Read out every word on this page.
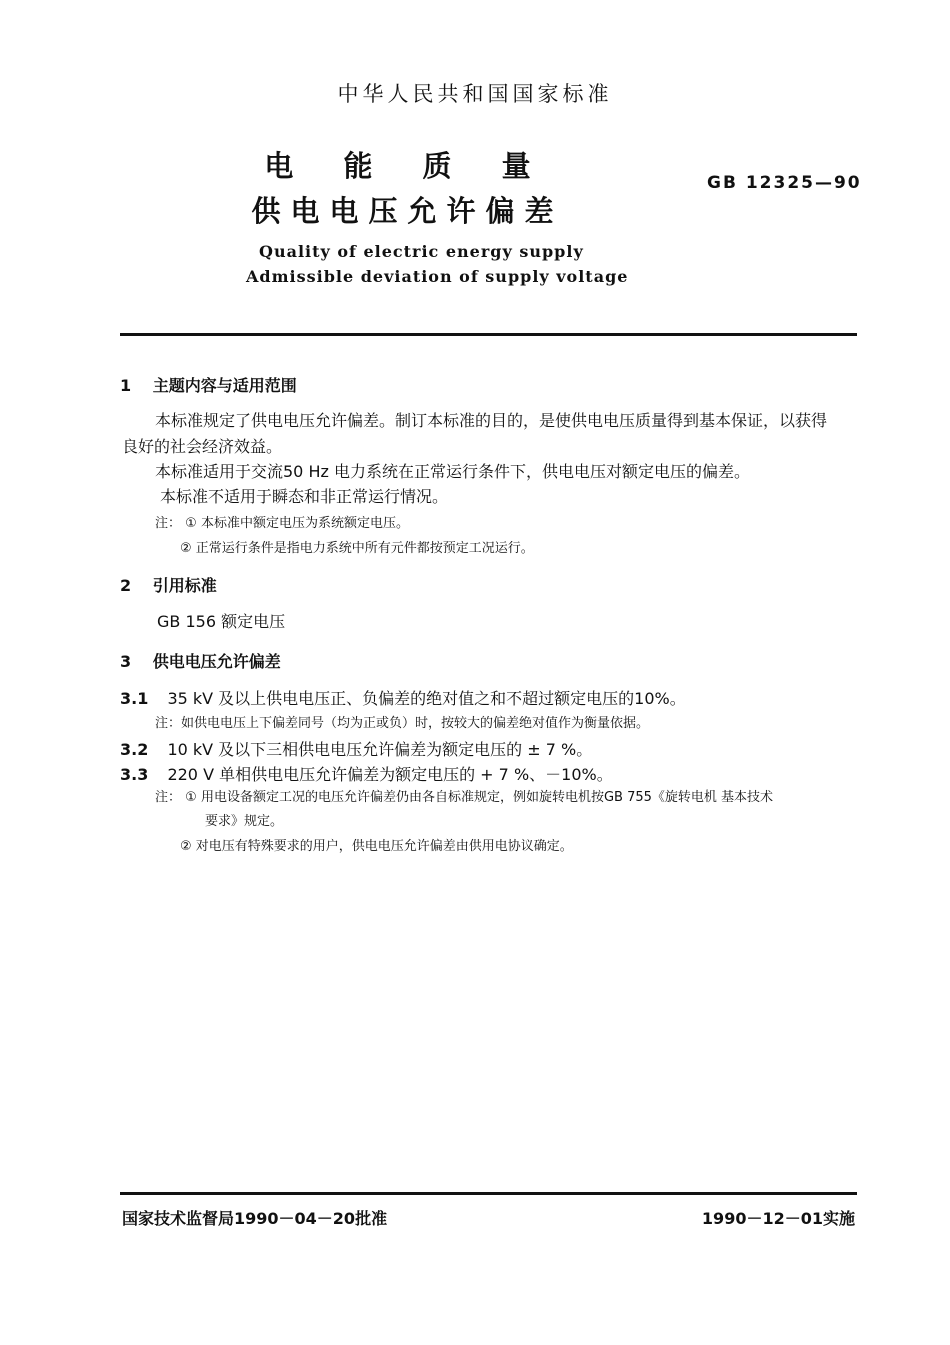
中华人民共和国国家标准
电 能 质 量
供电电压允许偏差
GB 12325—90
Quality of electric energy supply
Admissible deviation of supply voltage
1 主题内容与适用范围
本标准规定了供电电压允许偏差。制订本标准的目的，是使供电电压质量得到基本保证，以获得
良好的社会经济效益。
本标准适用于交流50 Hz 电力系统在正常运行条件下，供电电压对额定电压的偏差。
本标准不适用于瞬态和非正常运行情况。
注： ① 本标准中额定电压为系统额定电压。
② 正常运行条件是指电力系统中所有元件都按预定工况运行。
2 引用标准
GB 156 额定电压
3 供电电压允许偏差
3.1 35 kV 及以上供电电压正、负偏差的绝对值之和不超过额定电压的10%。
注：如供电电压上下偏差同号（均为正或负）时，按较大的偏差绝对值作为衡量依据。
3.2 10 kV 及以下三相供电电压允许偏差为额定电压的 ± 7 %。
3.3 220 V 单相供电电压允许偏差为额定电压的 + 7 %、－10%。
注： ① 用电设备额定工况的电压允许偏差仍由各自标准规定，例如旋转电机按GB 755《旋转电机 基本技术
要求》规定。
② 对电压有特殊要求的用户，供电电压允许偏差由供用电协议确定。
国家技术监督局1990－04－20批准	1990－12－01实施
